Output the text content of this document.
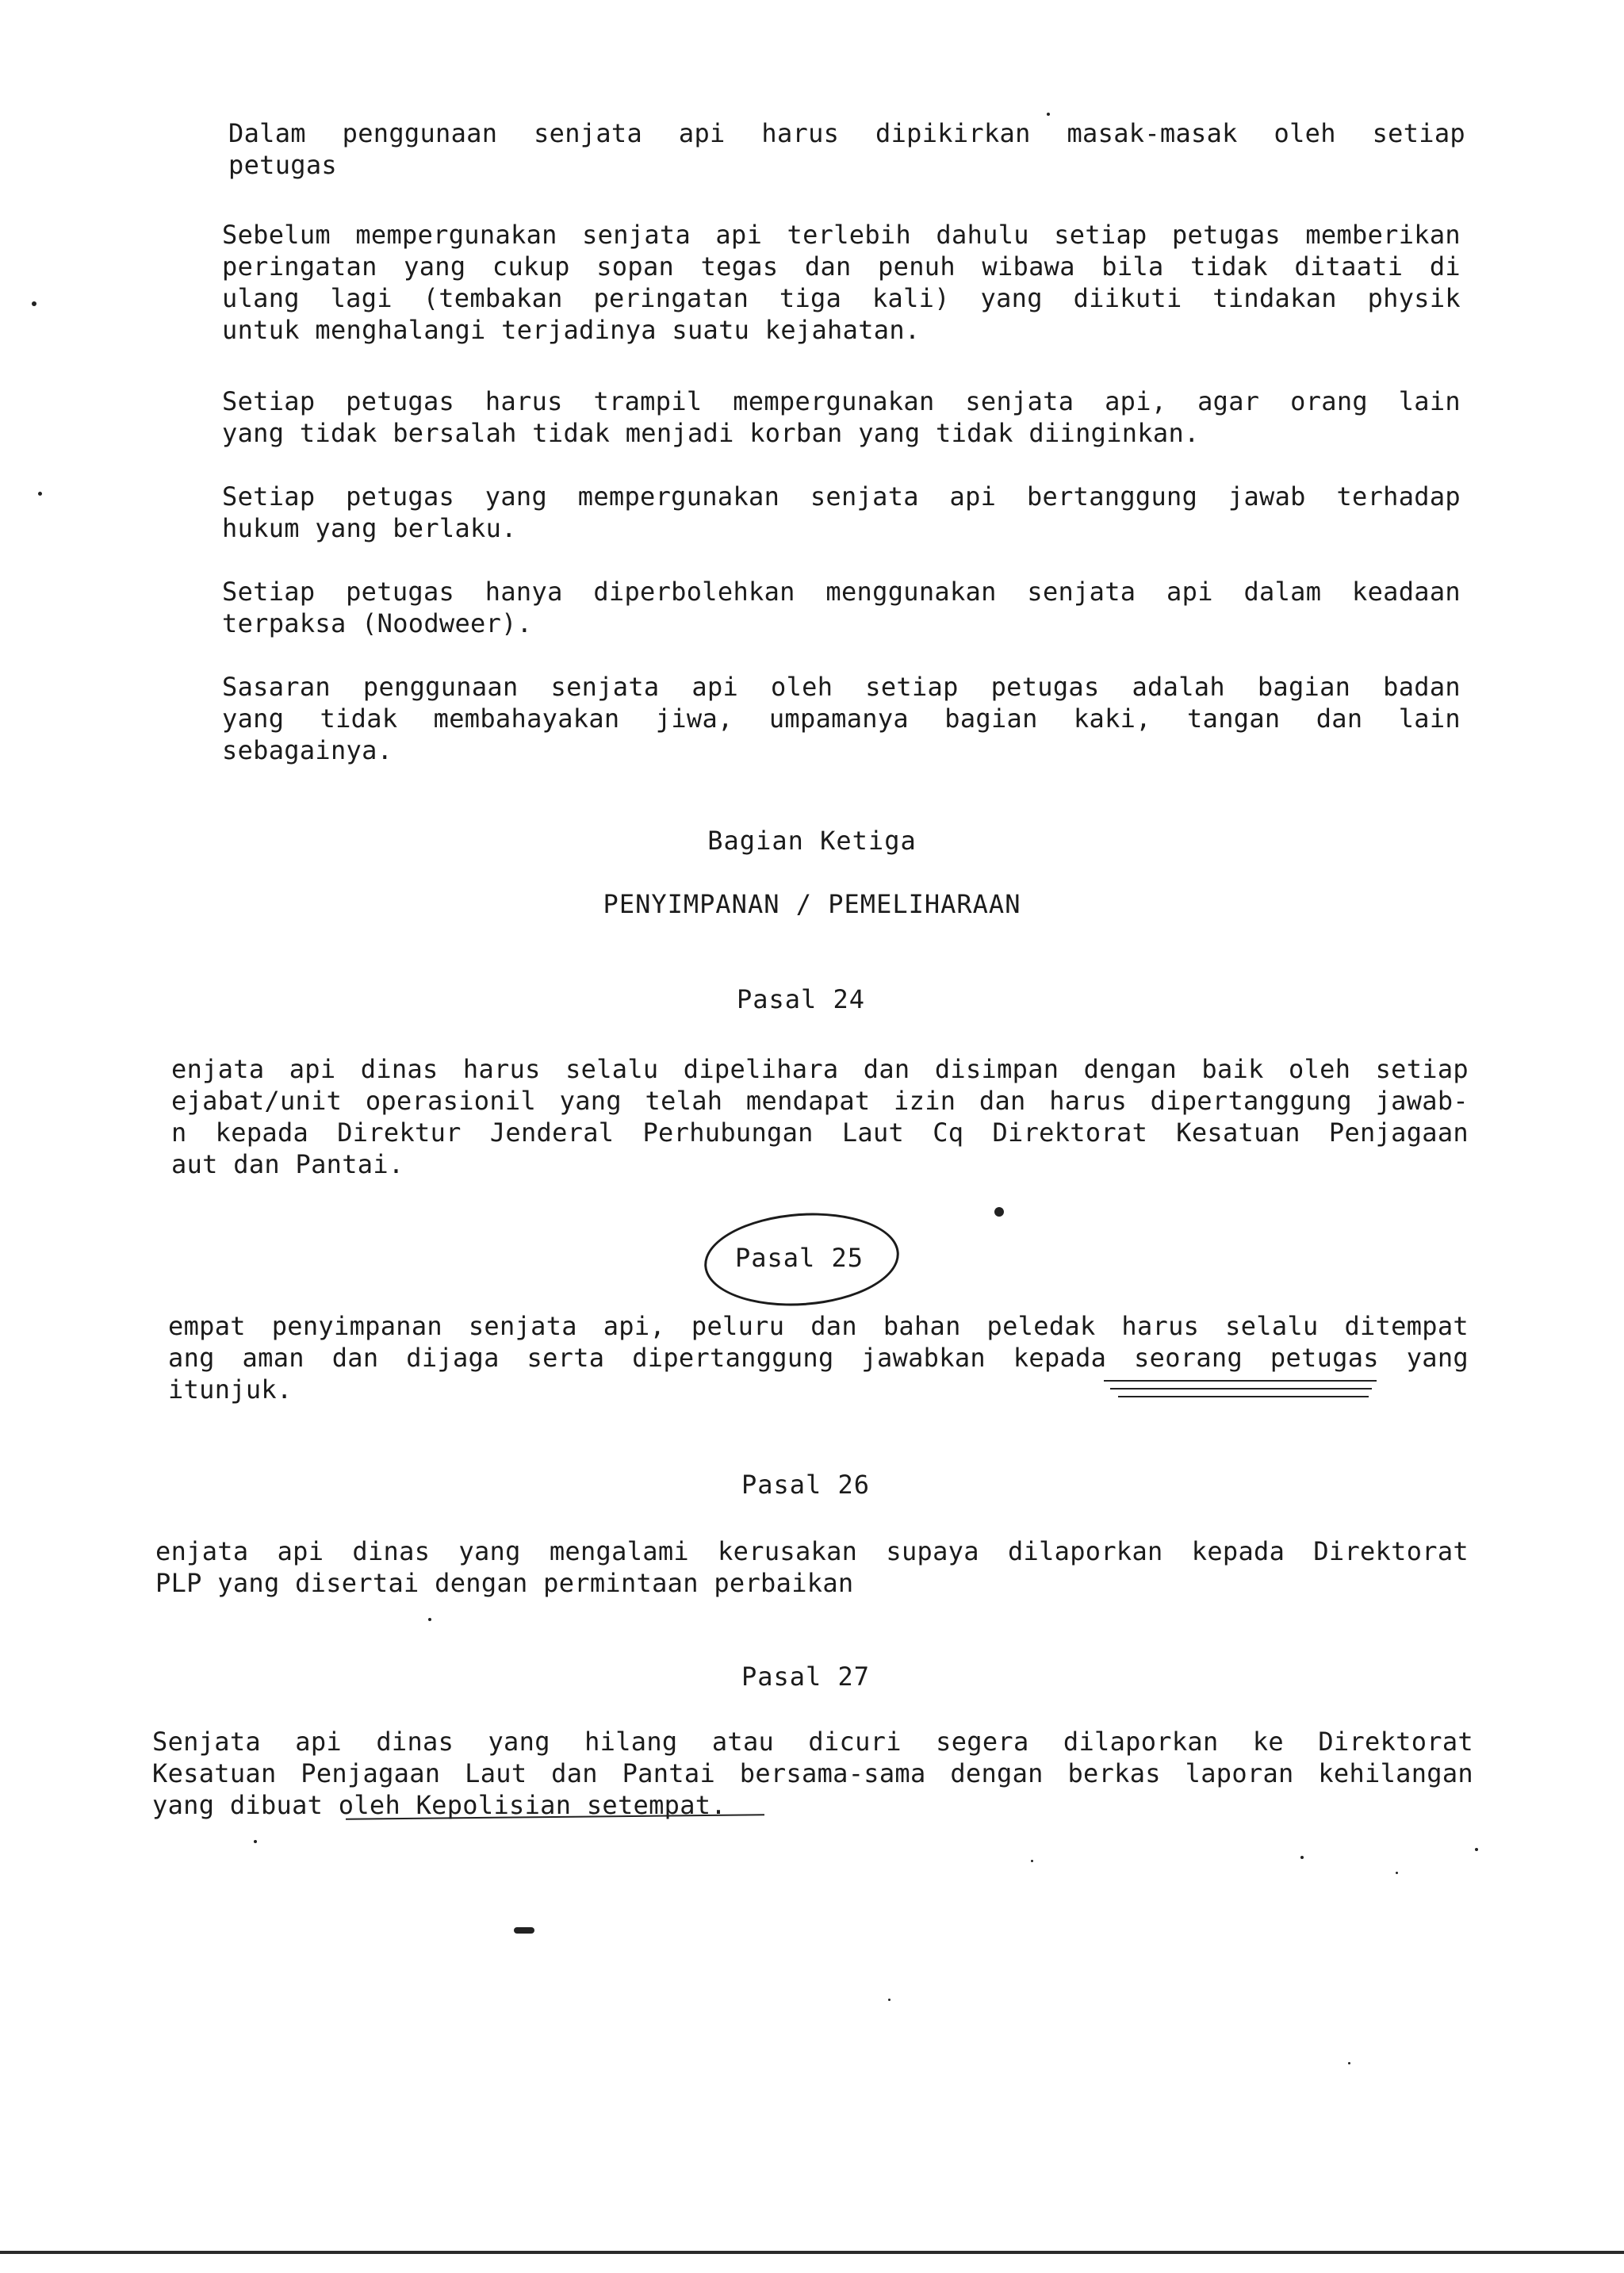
Dalam penggunaan senjata api harus dipikirkan masak-masak oleh setiap
petugas

Sebelum mempergunakan senjata api terlebih dahulu setiap petugas memberikan
peringatan yang cukup sopan tegas dan penuh wibawa bila tidak ditaati di
ulang lagi (tembakan peringatan tiga kali) yang diikuti tindakan physik
untuk menghalangi terjadinya suatu kejahatan.

Setiap petugas harus trampil mempergunakan senjata api, agar orang lain
yang tidak bersalah tidak menjadi korban yang tidak diinginkan.

Setiap petugas yang mempergunakan senjata api bertanggung jawab terhadap
hukum yang berlaku.

Setiap petugas hanya diperbolehkan menggunakan senjata api dalam keadaan
terpaksa (Noodweer).

Sasaran penggunaan senjata api oleh setiap petugas adalah bagian badan
yang tidak membahayakan jiwa, umpamanya bagian kaki, tangan dan lain
sebagainya.

Bagian Ketiga
PENYIMPANAN / PEMELIHARAAN
Pasal 24

enjata api dinas harus selalu dipelihara dan disimpan dengan baik oleh setiap
ejabat/unit operasionil yang telah mendapat izin dan harus dipertanggung jawab-
n kepada Direktur Jenderal Perhubungan Laut Cq Direktorat Kesatuan Penjagaan
aut dan Pantai.

Pasal 25

empat penyimpanan senjata api, peluru dan bahan peledak harus selalu ditempat
ang aman dan dijaga serta dipertanggung jawabkan kepada seorang petugas yang
itunjuk.

Pasal 26

enjata api dinas yang mengalami kerusakan supaya dilaporkan kepada Direktorat
PLP yang disertai dengan permintaan perbaikan

Pasal 27

Senjata api dinas yang hilang atau dicuri segera dilaporkan ke Direktorat
Kesatuan Penjagaan Laut dan Pantai bersama-sama dengan berkas laporan kehilangan
yang dibuat oleh Kepolisian setempat.
